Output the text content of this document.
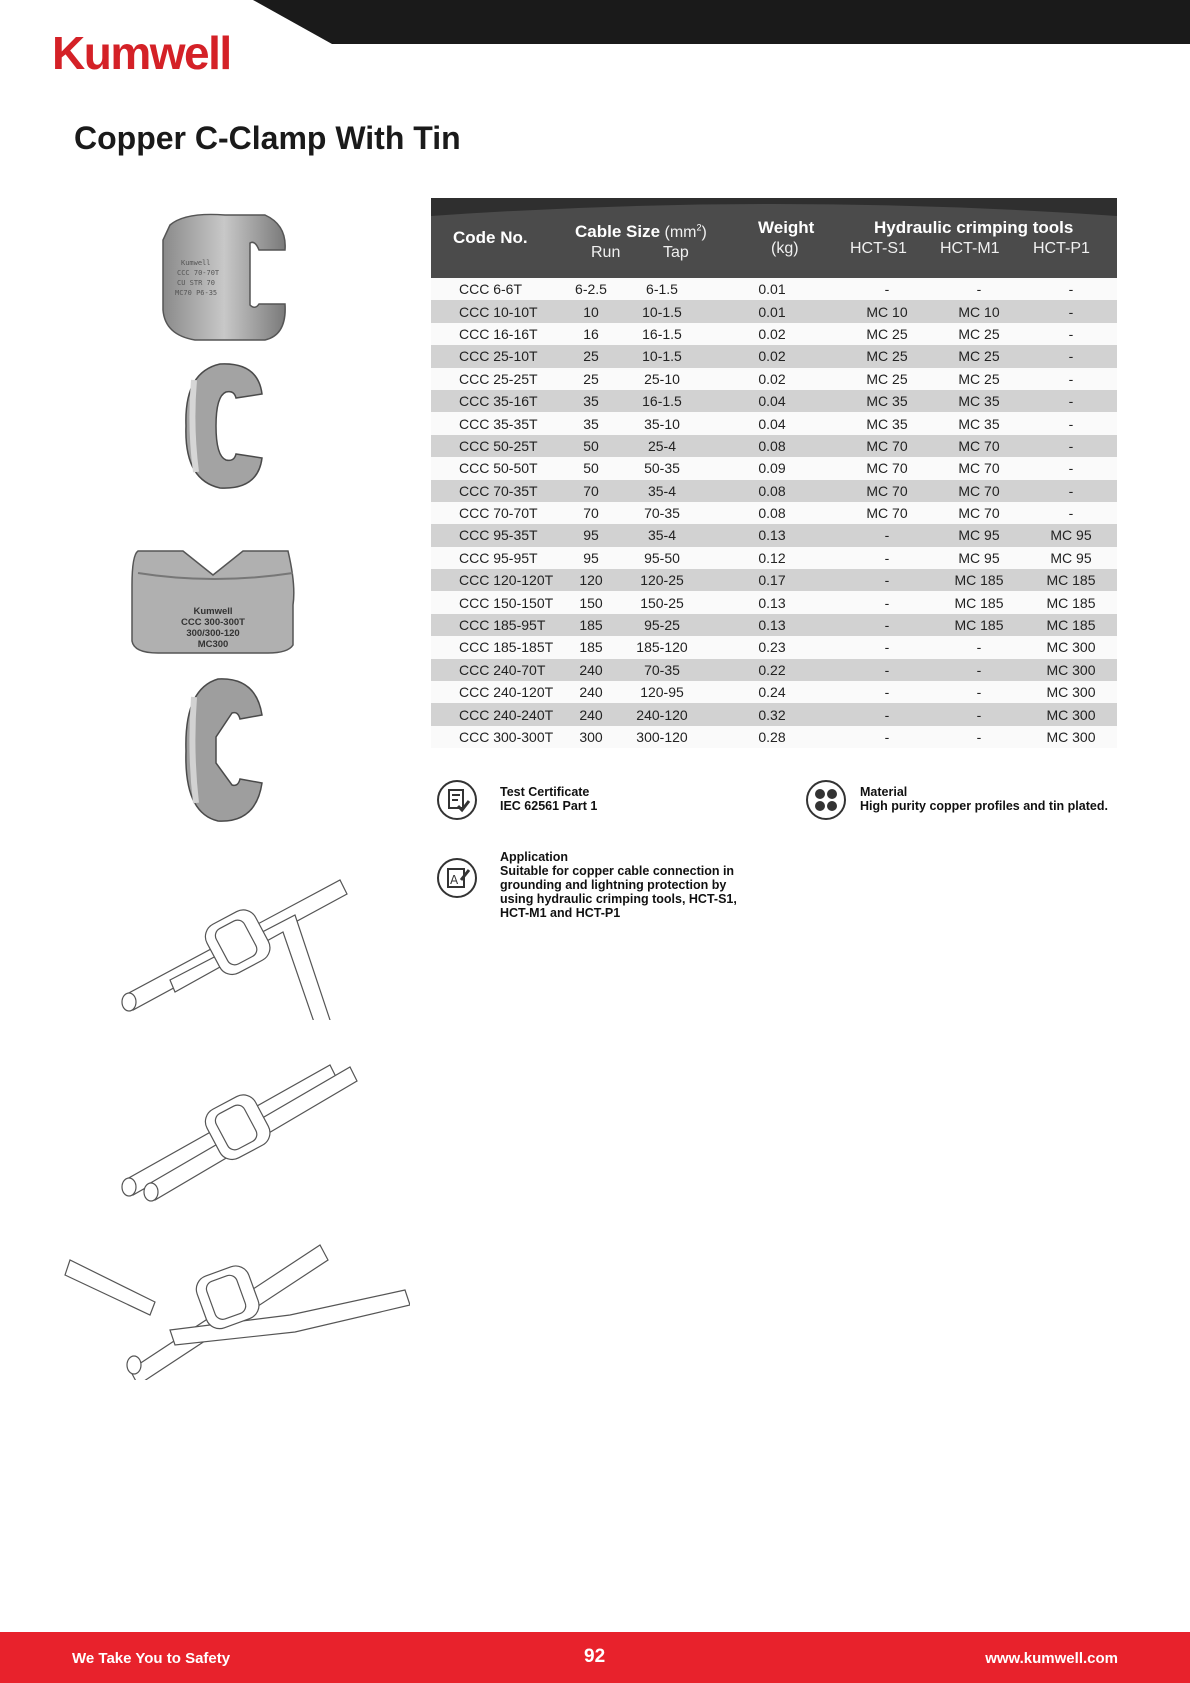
Kumwell
Copper C-Clamp With Tin
Kumwell
CCC 70-70T
CU STR 70
MC70 P6-35
Kumwell
CCC 300-300T
300/300-120
MC300
Code No.	Cable Size $(mm^2)$
Run	Tap
Weight
(kg)
Hydraulic crimping tools
HCT-S1 HCT-M1 HCT-P1
CCC 6-6T	6-2.5	6-1.5	0.01	-	-	-
CCC 10-10T	10	10-1.5	0.01	MC 10	MC 10	-
CCC 16-16T	16	16-1.5	0.02	MC 25	MC 25	-
CCC 25-10T	25	10-1.5	0.02	MC 25	MC 25	-
CCC 25-25T	25	25-10	0.02	MC 25	MC 25	-
CCC 35-16T	35	16-1.5	0.04	MC 35	MC 35	-
CCC 35-35T	35	35-10	0.04	MC 35	MC 35	-
CCC 50-25T	50	25-4	0.08	MC 70	MC 70	-
CCC 50-50T	50	50-35	0.09	MC 70	MC 70	-
CCC 70-35T	70	35-4	0.08	MC 70	MC 70	-
CCC 70-70T	70	70-35	0.08	MC 70	MC 70	-
CCC 95-35T	95	35-4	0.13	-	MC 95	MC 95
CCC 95-95T	95	95-50	0.12	-	MC 95	MC 95
CCC 120-120T	120	120-25	0.17	-	MC 185	MC 185
CCC 150-150T	150	150-25	0.13	-	MC 185	MC 185
CCC 185-95T	185	95-25	0.13	-	MC 185	MC 185
CCC 185-185T	185	185-120	0.23	-	-	MC 300
CCC 240-70T	240	70-35	0.22	-	-	MC 300
CCC 240-120T	240	120-95	0.24	-	-	MC 300
CCC 240-240T	240	240-120	0.32	-	-	MC 300
CCC 300-300T	300	300-120	0.28	-	-	MC 300
Test Certificate
IEC 62561 Part 1
Material
High purity copper profiles and tin plated.
A
Application
Suitable for copper cable connection in
grounding and lightning protection by
using hydraulic crimping tools, HCT-S1,
HCT-M1 and HCT-P1
We Take You to Safety	92	www.kumwell.com
